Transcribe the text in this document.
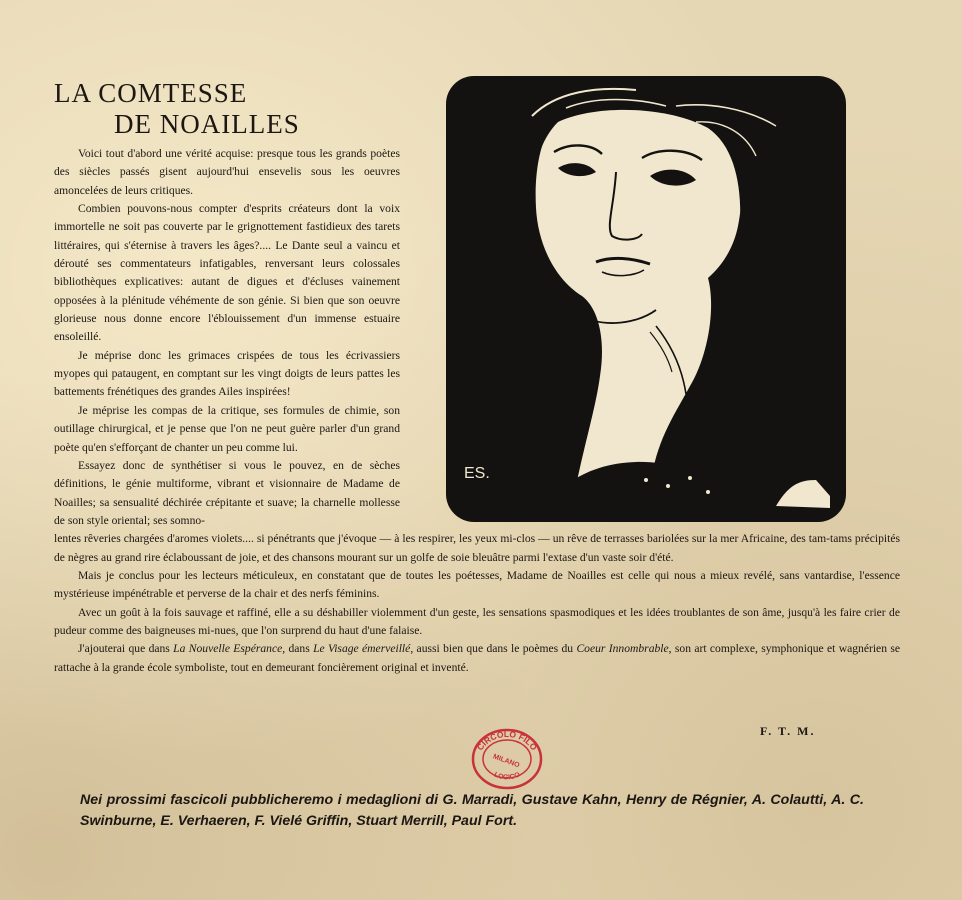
LA COMTESSE
DE NOAILLES
ES.

Voici tout d'abord une vérité acquise: presque tous les grands poètes des siècles passés gisent aujourd'hui ensevelis sous les oeuvres amoncelées de leurs critiques.

Combien pouvons-nous compter d'esprits créateurs dont la voix immortelle ne soit pas couverte par le grignottement fastidieux des tarets littéraires, qui s'éternise à travers les âges?.... Le Dante seul a vaincu et dérouté ses commentateurs infatigables, renversant leurs colossales bibliothèques explicatives: autant de digues et d'écluses vainement opposées à la plénitude véhémente de son génie. Si bien que son oeuvre glorieuse nous donne encore l'éblouissement d'un immense estuaire ensoleillé.

Je méprise donc les grimaces crispées de tous les écrivassiers myopes qui pataugent, en comptant sur les vingt doigts de leurs pattes les battements frénétiques des grandes Ailes inspirées!

Je méprise les compas de la critique, ses formules de chimie, son outillage chirurgical, et je pense que l'on ne peut guère parler d'un grand poète qu'en s'efforçant de chanter un peu comme lui.

Essayez donc de synthétiser si vous le pouvez, en de sèches définitions, le génie multiforme, vibrant et visionnaire de Madame de Noailles; sa sensualité déchirée crépitante et suave; la charnelle mollesse de son style oriental; ses somno-

lentes rêveries chargées d'aromes violets.... si pénétrants que j'évoque — à les respirer, les yeux mi-clos — un rêve de terrasses bariolées sur la mer Africaine, des tam-tams précipités de nègres au grand rire éclaboussant de joie, et des chansons mourant sur un golfe de soie bleuâtre parmi l'extase d'un vaste soir d'été.

Mais je conclus pour les lecteurs méticuleux, en constatant que de toutes les poétesses, Madame de Noailles est celle qui nous a mieux revélé, sans vantardise, l'essence mystérieuse impénétrable et perverse de la chair et des nerfs féminins.

Avec un goût à la fois sauvage et raffiné, elle a su déshabiller violemment d'un geste, les sensations spasmodiques et les idées troublantes de son âme, jusqu'à les faire crier de pudeur comme des baigneuses mi-nues, que l'on surprend du haut d'une falaise.

J'ajouterai que dans La Nouvelle Espérance, dans Le Visage émerveillé, aussi bien que dans le poèmes du Coeur Innombrable, son art complexe, symphonique et wagnérien se rattache à la grande école symboliste, tout en demeurant foncièrement original et inventé.

F. T. M.
CIRCOLO FILO
LOGICO
MILANO
Nei prossimi fascicoli pubblicheremo i medaglioni di G. Marradi, Gustave Kahn, Henry de Régnier, A. Colautti, A. C. Swinburne, E. Verhaeren, F. Vielé Griffin, Stuart Merrill, Paul Fort.
